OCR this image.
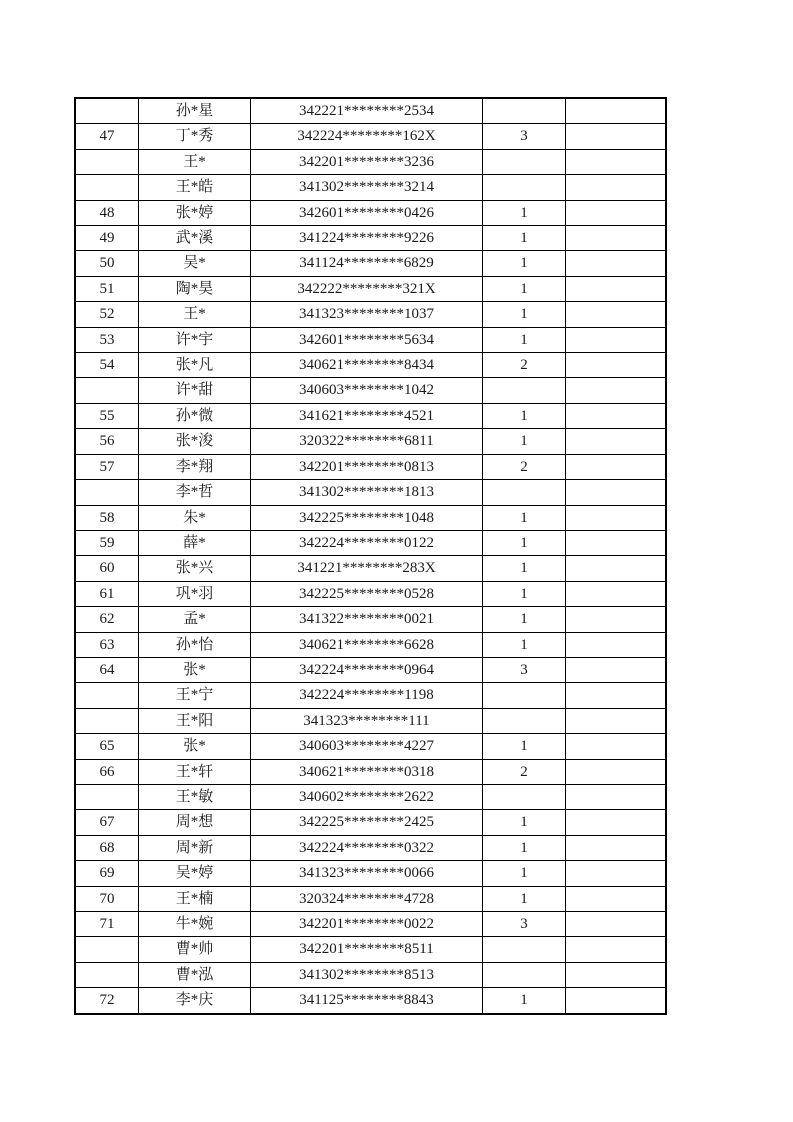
	孙*星	342221********2534		
47	丁*秀	342224********162X	3	
	王*	342201********3236		
	王*皓	341302********3214		
48	张*婷	342601********0426	1	
49	武*溪	341224********9226	1	
50	吴*	341124********6829	1	
51	陶*昊	342222********321X	1	
52	王*	341323********1037	1	
53	许*宇	342601********5634	1	
54	张*凡	340621********8434	2	
	许*甜	340603********1042		
55	孙*微	341621********4521	1	
56	张*浚	320322********6811	1	
57	李*翔	342201********0813	2	
	李*哲	341302********1813		
58	朱*	342225********1048	1	
59	薛*	342224********0122	1	
60	张*兴	341221********283X	1	
61	巩*羽	342225********0528	1	
62	孟*	341322********0021	1	
63	孙*怡	340621********6628	1	
64	张*	342224********0964	3	
	王*宁	342224********1198		
	王*阳	341323********111		
65	张*	340603********4227	1	
66	王*轩	340621********0318	2	
	王*敏	340602********2622		
67	周*想	342225********2425	1	
68	周*新	342224********0322	1	
69	吴*婷	341323********0066	1	
70	王*楠	320324********4728	1	
71	牛*婉	342201********0022	3	
	曹*帅	342201********8511		
	曹*泓	341302********8513		
72	李*庆	341125********8843	1	
